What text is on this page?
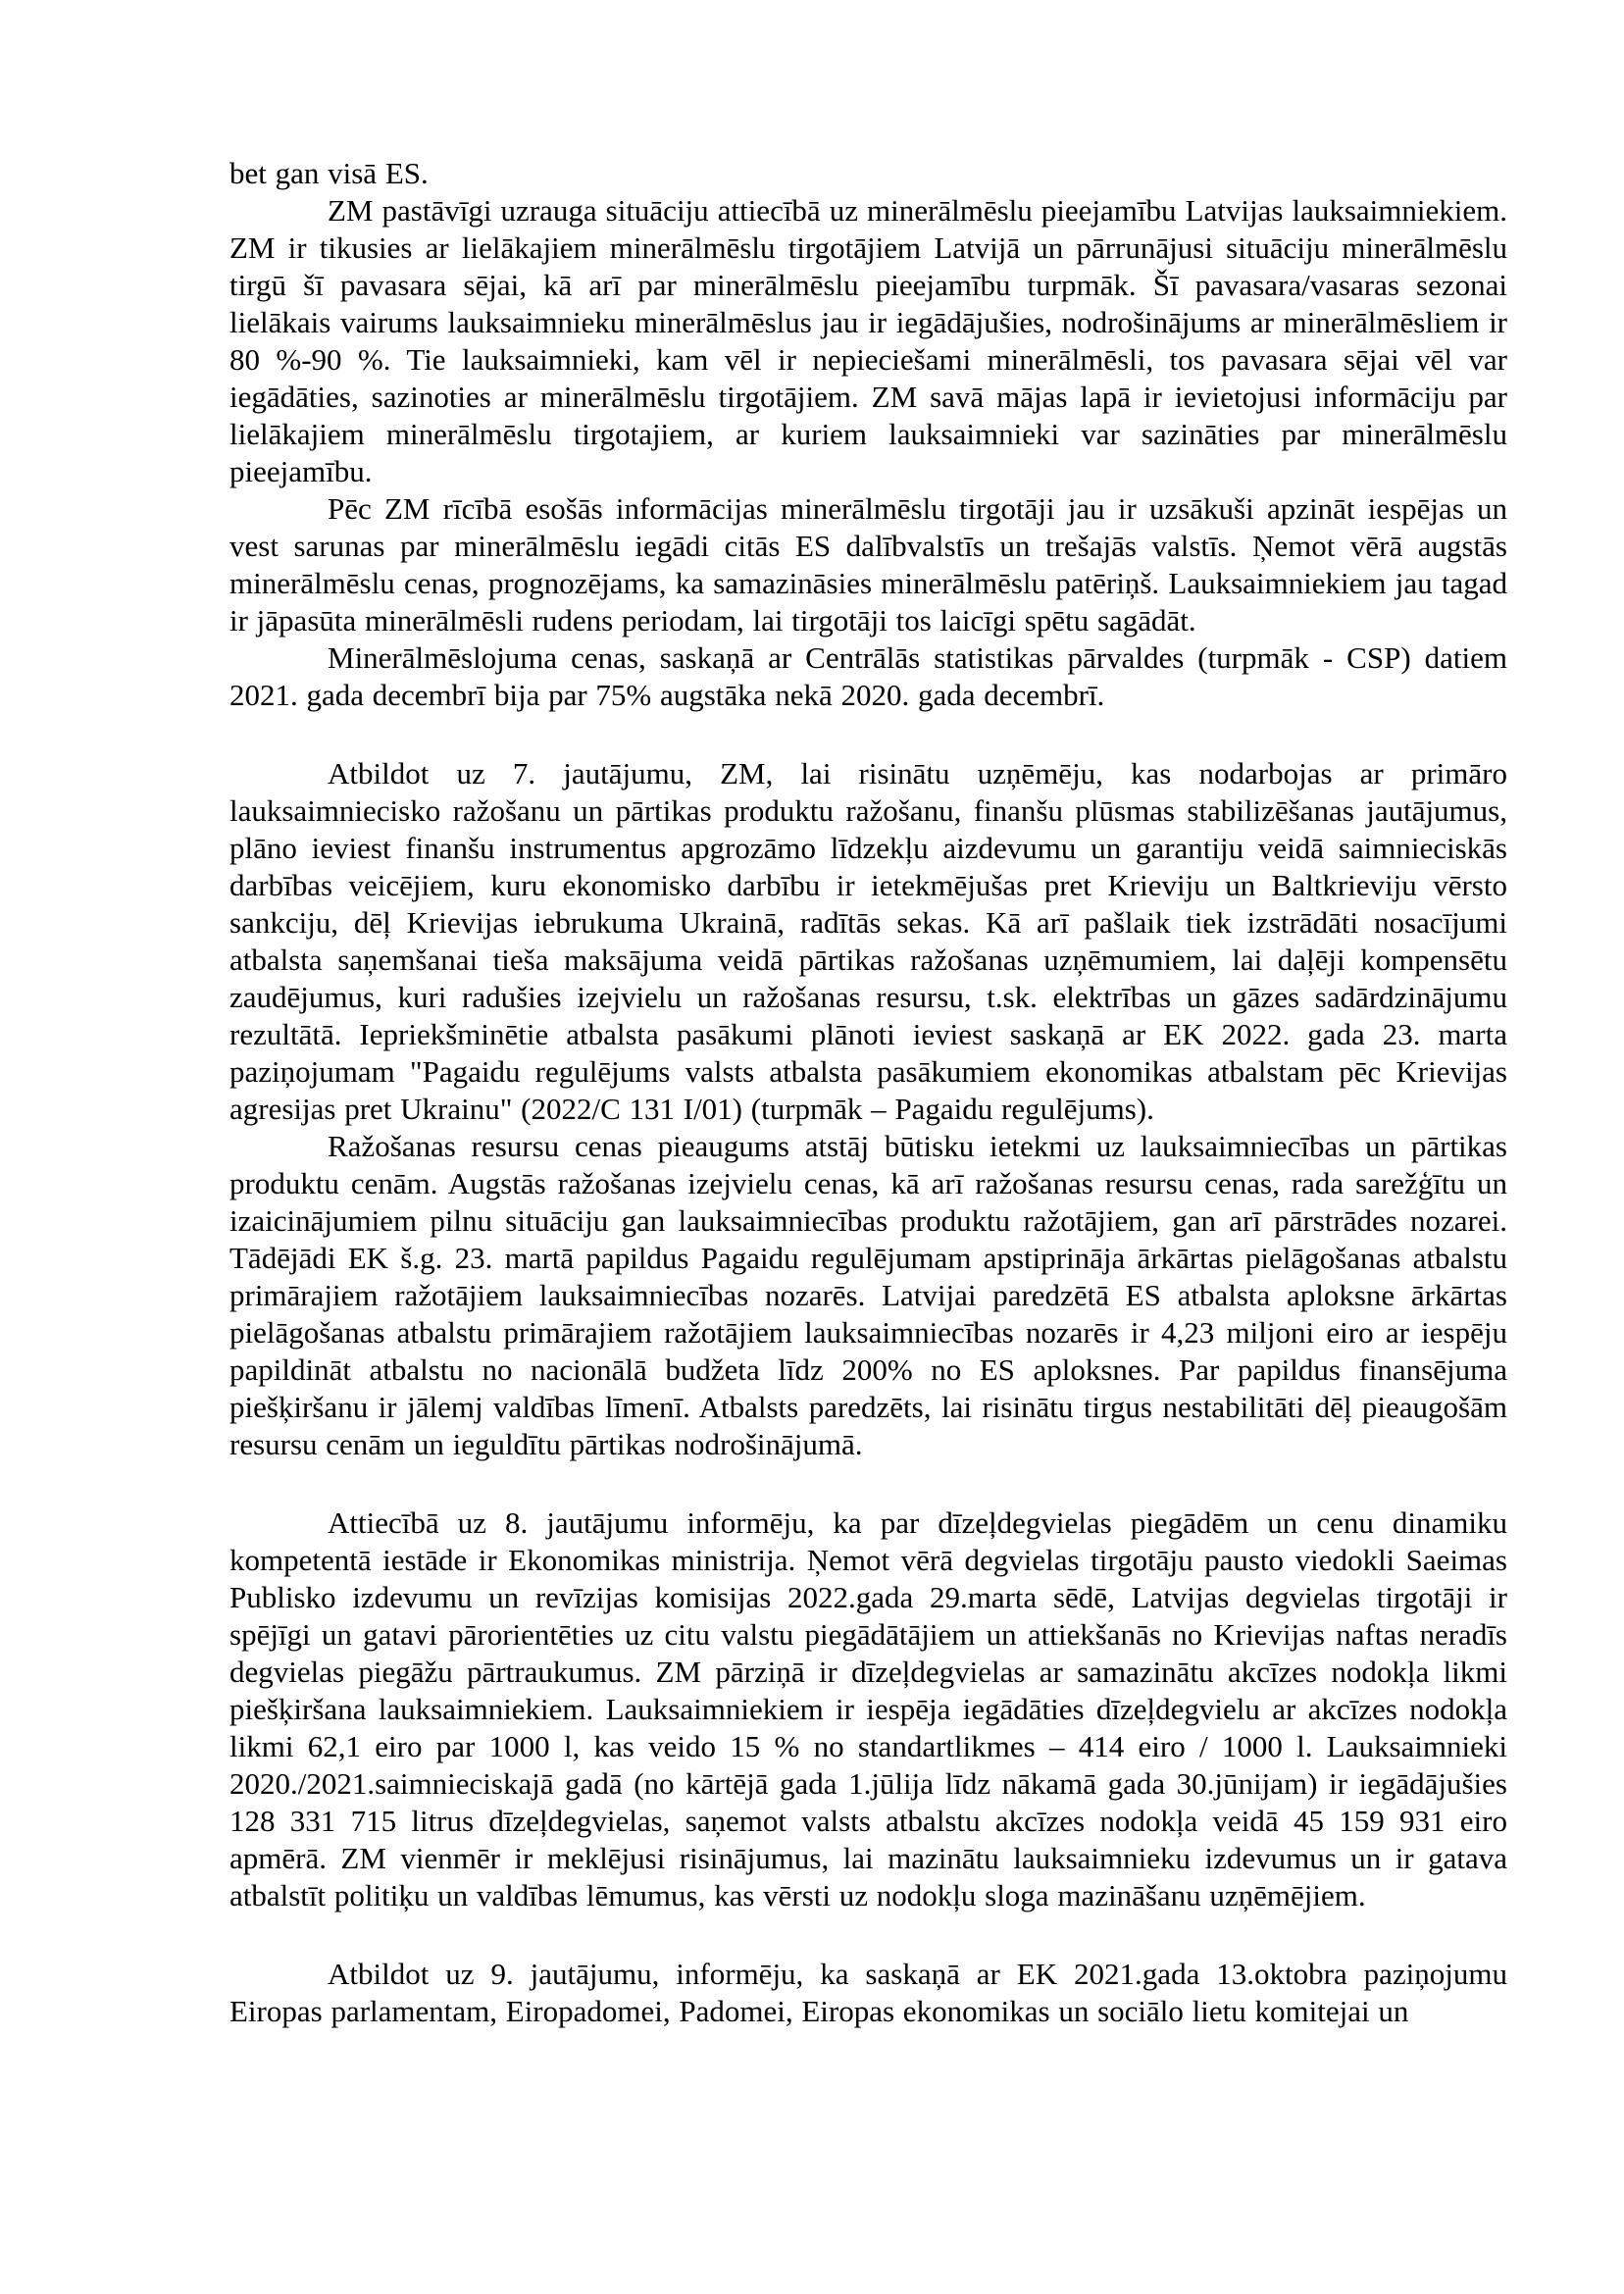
bet gan visā ES.

ZM pastāvīgi uzrauga situāciju attiecībā uz minerālmēslu pieejamību Latvijas lauksaimniekiem. ZM ir tikusies ar lielākajiem minerālmēslu tirgotājiem Latvijā un pārrunājusi situāciju minerālmēslu tirgū šī pavasara sējai, kā arī par minerālmēslu pieejamību turpmāk. Šī pavasara/vasaras sezonai lielākais vairums lauksaimnieku minerālmēslus jau ir iegādājušies, nodrošinājums ar minerālmēsliem ir 80 %-90 %. Tie lauksaimnieki, kam vēl ir nepieciešami minerālmēsli, tos pavasara sējai vēl var iegādāties, sazinoties ar minerālmēslu tirgotājiem. ZM savā mājas lapā ir ievietojusi informāciju par lielākajiem minerālmēslu tirgotajiem, ar kuriem lauksaimnieki var sazināties par minerālmēslu pieejamību.

Pēc ZM rīcībā esošās informācijas minerālmēslu tirgotāji jau ir uzsākuši apzināt iespējas un vest sarunas par minerālmēslu iegādi citās ES dalībvalstīs un trešajās valstīs. Ņemot vērā augstās minerālmēslu cenas, prognozējams, ka samazināsies minerālmēslu patēriņš. Lauksaimniekiem jau tagad ir jāpasūta minerālmēsli rudens periodam, lai tirgotāji tos laicīgi spētu sagādāt.

Minerālmēslojuma cenas, saskaņā ar Centrālās statistikas pārvaldes (turpmāk - CSP) datiem 2021. gada decembrī bija par 75% augstāka nekā 2020. gada decembrī.

Atbildot uz 7. jautājumu, ZM, lai risinātu uzņēmēju, kas nodarbojas ar primāro lauksaimniecisko ražošanu un pārtikas produktu ražošanu, finanšu plūsmas stabilizēšanas jautājumus, plāno ieviest finanšu instrumentus apgrozāmo līdzekļu aizdevumu un garantiju veidā saimnieciskās darbības veicējiem, kuru ekonomisko darbību ir ietekmējušas pret Krieviju un Baltkrieviju vērsto sankciju, dēļ Krievijas iebrukuma Ukrainā, radītās sekas. Kā arī pašlaik tiek izstrādāti nosacījumi atbalsta saņemšanai tieša maksājuma veidā pārtikas ražošanas uzņēmumiem, lai daļēji kompensētu zaudējumus, kuri radušies izejvielu un ražošanas resursu, t.sk. elektrības un gāzes sadārdzinājumu rezultātā. Iepriekšminētie atbalsta pasākumi plānoti ieviest saskaņā ar EK 2022. gada 23. marta paziņojumam "Pagaidu regulējums valsts atbalsta pasākumiem ekonomikas atbalstam pēc Krievijas agresijas pret Ukrainu" (2022/C 131 I/01) (turpmāk – Pagaidu regulējums).

Ražošanas resursu cenas pieaugums atstāj būtisku ietekmi uz lauksaimniecības un pārtikas produktu cenām. Augstās ražošanas izejvielu cenas, kā arī ražošanas resursu cenas, rada sarežģītu un izaicinājumiem pilnu situāciju gan lauksaimniecības produktu ražotājiem, gan arī pārstrādes nozarei. Tādējādi EK š.g. 23. martā papildus Pagaidu regulējumam apstiprināja ārkārtas pielāgošanas atbalstu primārajiem ražotājiem lauksaimniecības nozarēs. Latvijai paredzētā ES atbalsta aploksne ārkārtas pielāgošanas atbalstu primārajiem ražotājiem lauksaimniecības nozarēs ir 4,23 miljoni eiro ar iespēju papildināt atbalstu no nacionālā budžeta līdz 200% no ES aploksnes. Par papildus finansējuma piešķiršanu ir jālemj valdības līmenī. Atbalsts paredzēts, lai risinātu tirgus nestabilitāti dēļ pieaugošām resursu cenām un ieguldītu pārtikas nodrošinājumā.

Attiecībā uz 8. jautājumu informēju, ka par dīzeļdegvielas piegādēm un cenu dinamiku kompetentā iestāde ir Ekonomikas ministrija. Ņemot vērā degvielas tirgotāju pausto viedokli Saeimas Publisko izdevumu un revīzijas komisijas 2022.gada 29.marta sēdē, Latvijas degvielas tirgotāji ir spējīgi un gatavi pārorientēties uz citu valstu piegādātājiem un attiekšanās no Krievijas naftas neradīs degvielas piegāžu pārtraukumus. ZM pārziņā ir dīzeļdegvielas ar samazinātu akcīzes nodokļa likmi piešķiršana lauksaimniekiem. Lauksaimniekiem ir iespēja iegādāties dīzeļdegvielu ar akcīzes nodokļa likmi 62,1 eiro par 1000 l, kas veido 15 % no standartlikmes – 414 eiro / 1000 l. Lauksaimnieki 2020./2021.saimnieciskajā gadā (no kārtējā gada 1.jūlija līdz nākamā gada 30.jūnijam) ir iegādājušies 128 331 715 litrus dīzeļdegvielas, saņemot valsts atbalstu akcīzes nodokļa veidā 45 159 931 eiro apmērā. ZM vienmēr ir meklējusi risinājumus, lai mazinātu lauksaimnieku izdevumus un ir gatava atbalstīt politiķu un valdības lēmumus, kas vērsti uz nodokļu sloga mazināšanu uzņēmējiem.

Atbildot uz 9. jautājumu, informēju, ka saskaņā ar EK 2021.gada 13.oktobra paziņojumu Eiropas parlamentam, Eiropadomei, Padomei, Eiropas ekonomikas un sociālo lietu komitejai un
